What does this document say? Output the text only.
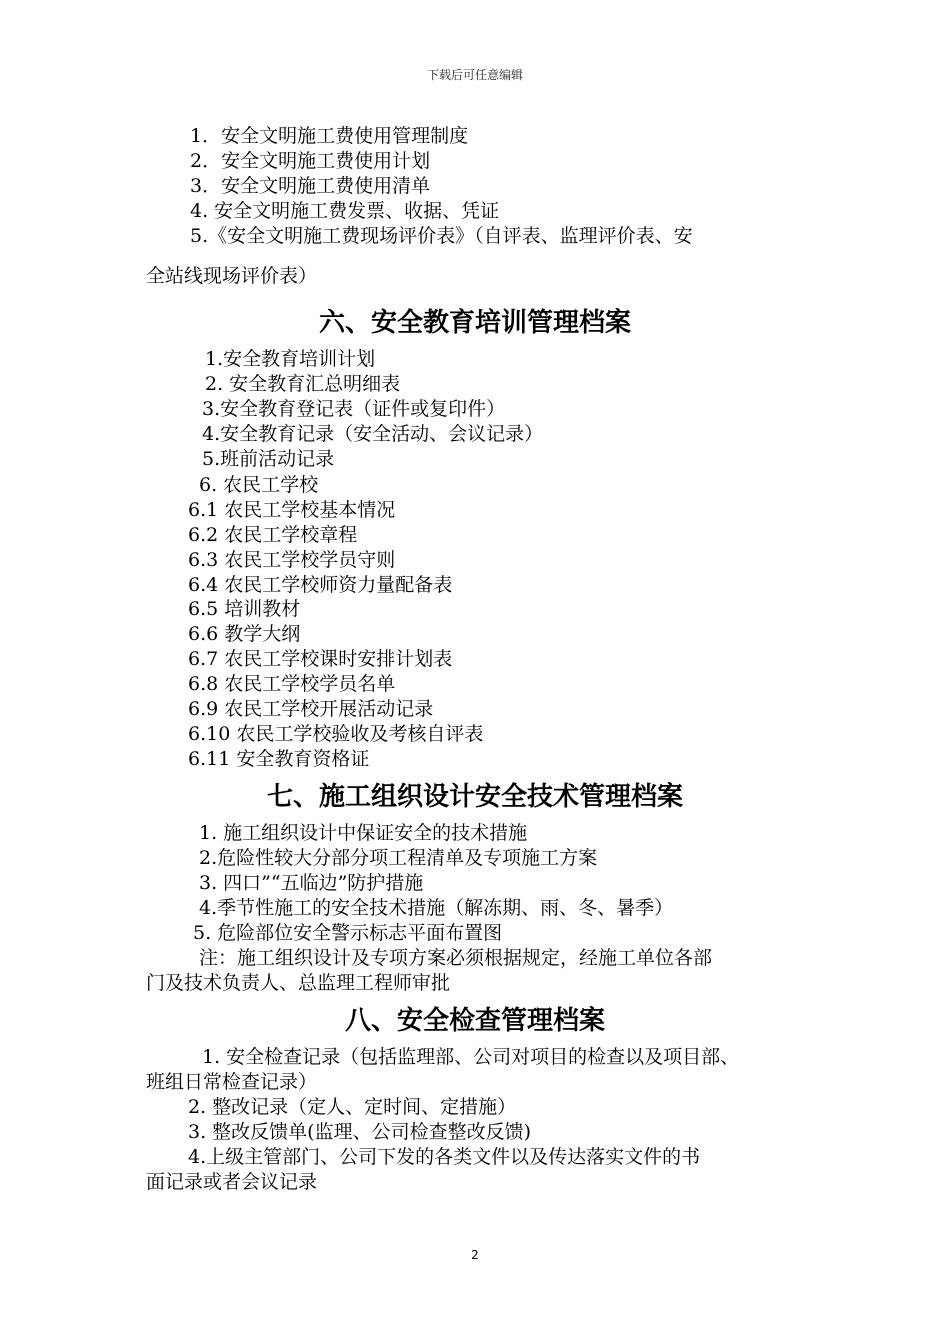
下载后可任意编辑
1．安全文明施工费使用管理制度
2．安全文明施工费使用计划
3．安全文明施工费使用清单
4. 安全文明施工费发票、收据、凭证
5.《安全文明施工费现场评价表》（自评表、监理评价表、安
全站线现场评价表）
六、安全教育培训管理档案
1.安全教育培训计划
2. 安全教育汇总明细表
3.安全教育登记表（证件或复印件）
4.安全教育记录（安全活动、会议记录）
5.班前活动记录
6. 农民工学校
6.1 农民工学校基本情况
6.2 农民工学校章程
6.3 农民工学校学员守则
6.4 农民工学校师资力量配备表
6.5 培训教材
6.6 教学大纲
6.7 农民工学校课时安排计划表
6.8 农民工学校学员名单
6.9 农民工学校开展活动记录
6.10 农民工学校验收及考核自评表
6.11 安全教育资格证
七、施工组织设计安全技术管理档案
1. 施工组织设计中保证安全的技术措施
2.危险性较大分部分项工程清单及专项施工方案
3. 四口”“五临边”防护措施
4.季节性施工的安全技术措施（解冻期、雨、冬、暑季）
5. 危险部位安全警示标志平面布置图
注：施工组织设计及专项方案必须根据规定，经施工单位各部
门及技术负责人、总监理工程师审批
八、安全检查管理档案
1. 安全检查记录（包括监理部、公司对项目的检查以及项目部、
班组日常检查记录）
2. 整改记录（定人、定时间、定措施）
3. 整改反馈单(监理、公司检查整改反馈)
4.上级主管部门、公司下发的各类文件以及传达落实文件的书
面记录或者会议记录
2
